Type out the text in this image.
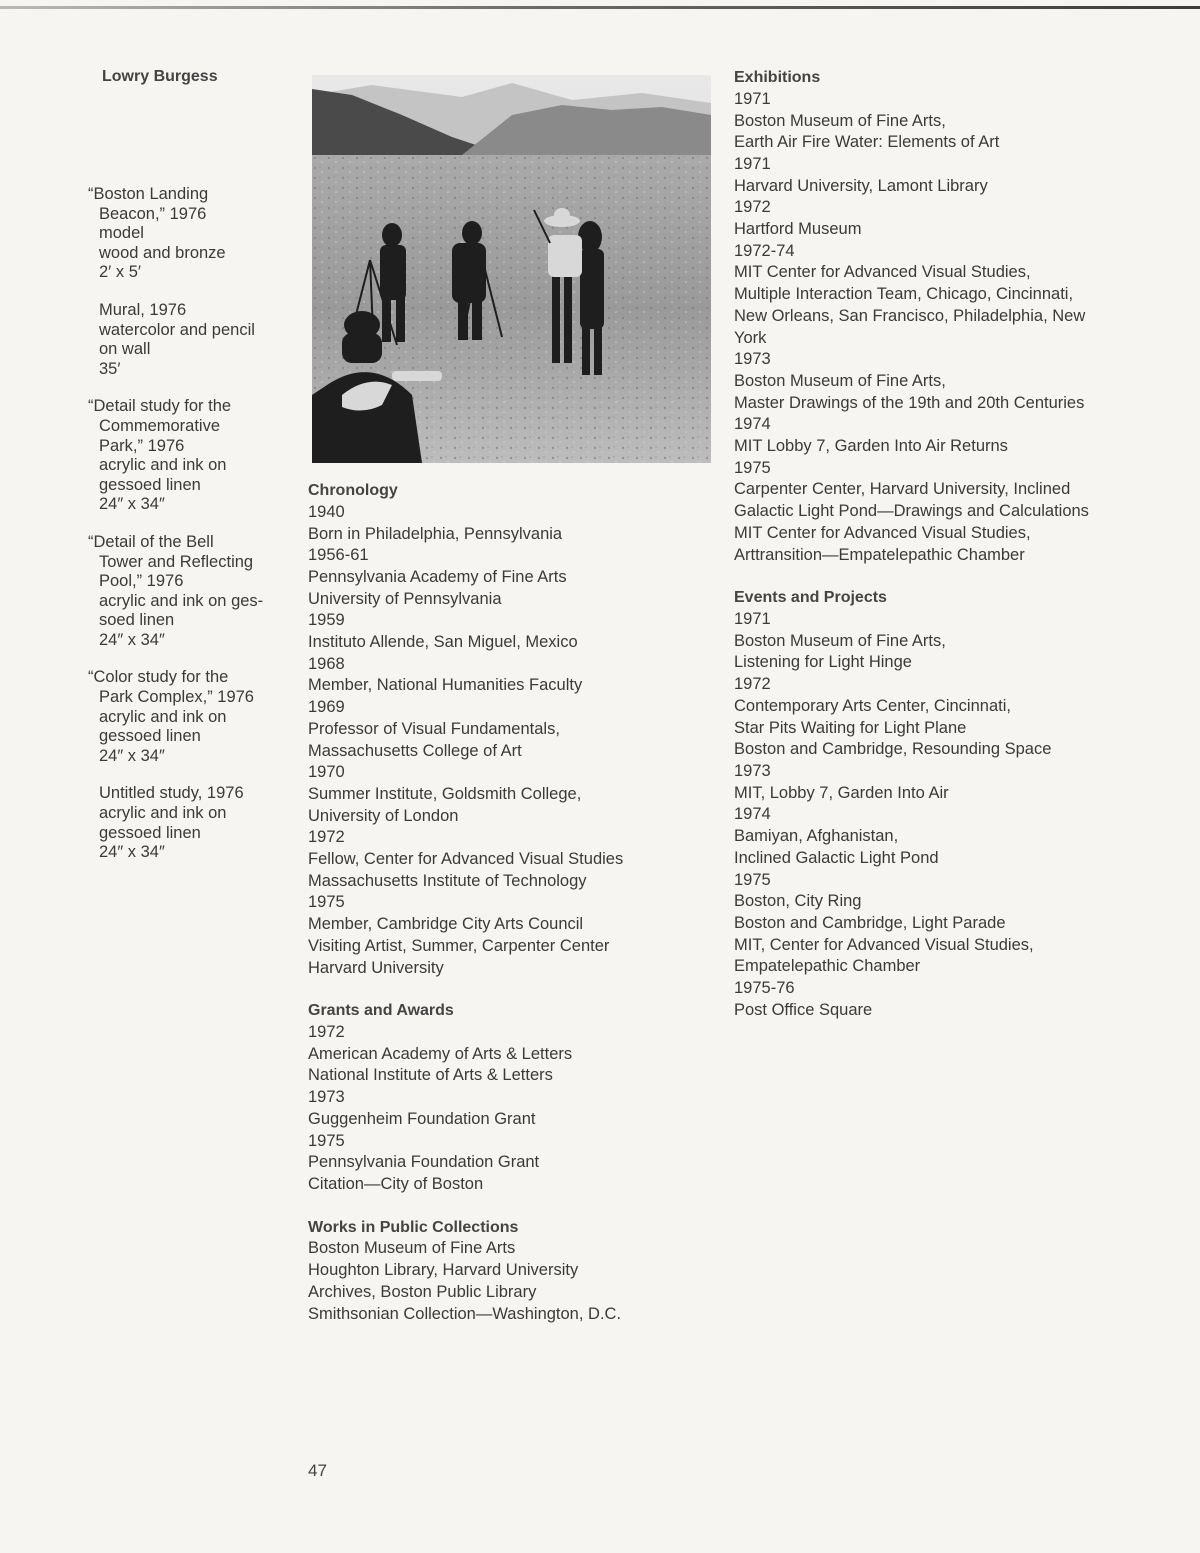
Lowry Burgess
“Boston Landing
Beacon,” 1976
model
wood and bronze
2′ x 5′
Mural, 1976
watercolor and pencil
on wall
35′
“Detail study for the
Commemorative
Park,” 1976
acrylic and ink on
gessoed linen
24″ x 34″
“Detail of the Bell
Tower and Reflecting
Pool,” 1976
acrylic and ink on ges-
soed linen
24″ x 34″
“Color study for the
Park Complex,” 1976
acrylic and ink on
gessoed linen
24″ x 34″
Untitled study, 1976
acrylic and ink on
gessoed linen
24″ x 34″
Chronology
1940
Born in Philadelphia, Pennsylvania
1956-61
Pennsylvania Academy of Fine Arts
University of Pennsylvania
1959
Instituto Allende, San Miguel, Mexico
1968
Member, National Humanities Faculty
1969
Professor of Visual Fundamentals,
Massachusetts College of Art
1970
Summer Institute, Goldsmith College,
University of London
1972
Fellow, Center for Advanced Visual Studies
Massachusetts Institute of Technology
1975
Member, Cambridge City Arts Council
Visiting Artist, Summer, Carpenter Center
Harvard University
Grants and Awards
1972
American Academy of Arts & Letters
National Institute of Arts & Letters
1973
Guggenheim Foundation Grant
1975
Pennsylvania Foundation Grant
Citation—City of Boston
Works in Public Collections
Boston Museum of Fine Arts
Houghton Library, Harvard University
Archives, Boston Public Library
Smithsonian Collection—Washington, D.C.
Exhibitions
1971
Boston Museum of Fine Arts,
Earth Air Fire Water: Elements of Art
1971
Harvard University, Lamont Library
1972
Hartford Museum
1972-74
MIT Center for Advanced Visual Studies,
Multiple Interaction Team, Chicago, Cincinnati,
New Orleans, San Francisco, Philadelphia, New
York
1973
Boston Museum of Fine Arts,
Master Drawings of the 19th and 20th Centuries
1974
MIT Lobby 7, Garden Into Air Returns
1975
Carpenter Center, Harvard University, Inclined
Galactic Light Pond—Drawings and Calculations
MIT Center for Advanced Visual Studies,
Arttransition—Empatelepathic Chamber
Events and Projects
1971
Boston Museum of Fine Arts,
Listening for Light Hinge
1972
Contemporary Arts Center, Cincinnati,
Star Pits Waiting for Light Plane
Boston and Cambridge, Resounding Space
1973
MIT, Lobby 7, Garden Into Air
1974
Bamiyan, Afghanistan,
Inclined Galactic Light Pond
1975
Boston, City Ring
Boston and Cambridge, Light Parade
MIT, Center for Advanced Visual Studies,
Empatelepathic Chamber
1975-76
Post Office Square
47
